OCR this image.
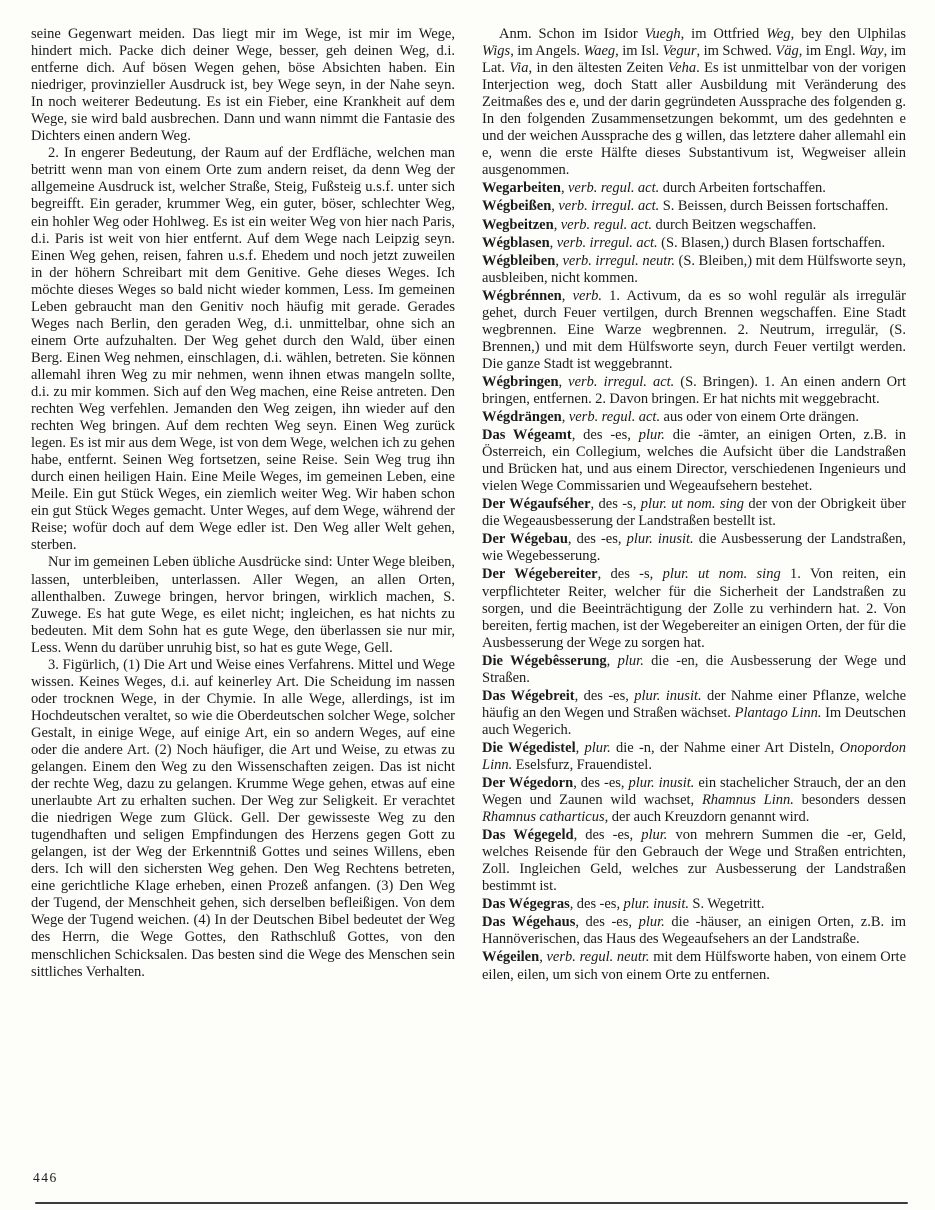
seine Gegenwart meiden. Das liegt mir im Wege, ist mir im Wege, hindert mich. Packe dich deiner Wege, besser, geh deinen Weg, d.i. entferne dich. Auf bösen Wegen gehen, böse Absichten haben. Ein niedriger, provinzieller Ausdruck ist, bey Wege seyn, in der Nahe seyn. In noch weiterer Bedeutung. Es ist ein Fieber, eine Krankheit auf dem Wege, sie wird bald ausbrechen. Dann und wann nimmt die Fantasie des Dichters einen andern Weg.

2. In engerer Bedeutung, der Raum auf der Erdfläche, welchen man betritt wenn man von einem Orte zum andern reiset, da denn Weg der allgemeine Ausdruck ist, welcher Straße, Steig, Fußsteig u.s.f. unter sich begreifft. Ein gerader, krummer Weg, ein guter, böser, schlechter Weg, ein hohler Weg oder Hohlweg. Es ist ein weiter Weg von hier nach Paris, d.i. Paris ist weit von hier entfernt. Auf dem Wege nach Leipzig seyn. Einen Weg gehen, reisen, fahren u.s.f. Ehedem und noch jetzt zuweilen in der höhern Schreibart mit dem Genitive. Gehe dieses Weges. Ich möchte dieses Weges so bald nicht wieder kommen, Less. Im gemeinen Leben gebraucht man den Genitiv noch häufig mit gerade. Gerades Weges nach Berlin, den geraden Weg, d.i. unmittelbar, ohne sich an einem Orte aufzuhalten. Der Weg gehet durch den Wald, über einen Berg. Einen Weg nehmen, einschlagen, d.i. wählen, betreten. Sie können allemahl ihren Weg zu mir nehmen, wenn ihnen etwas mangeln sollte, d.i. zu mir kommen. Sich auf den Weg machen, eine Reise antreten. Den rechten Weg verfehlen. Jemanden den Weg zeigen, ihn wieder auf den rechten Weg bringen. Auf dem rechten Weg seyn. Einen Weg zurück legen. Es ist mir aus dem Wege, ist von dem Wege, welchen ich zu gehen habe, entfernt. Seinen Weg fortsetzen, seine Reise. Sein Weg trug ihn durch einen heiligen Hain. Eine Meile Weges, im gemeinen Leben, eine Meile. Ein gut Stück Weges, ein ziemlich weiter Weg. Wir haben schon ein gut Stück Weges gemacht. Unter Weges, auf dem Wege, während der Reise; wofür doch auf dem Wege edler ist. Den Weg aller Welt gehen, sterben.

Nur im gemeinen Leben übliche Ausdrücke sind: Unter Wege bleiben, lassen, unterbleiben, unterlassen. Aller Wegen, an allen Orten, allenthalben. Zuwege bringen, hervor bringen, wirklich machen, S. Zuwege. Es hat gute Wege, es eilet nicht; ingleichen, es hat nichts zu bedeuten. Mit dem Sohn hat es gute Wege, den überlassen sie nur mir, Less. Wenn du darüber unruhig bist, so hat es gute Wege, Gell.

3. Figürlich, (1) Die Art und Weise eines Verfahrens. Mittel und Wege wissen. Keines Weges, d.i. auf keinerley Art. Die Scheidung im nassen oder trocknen Wege, in der Chymie. In alle Wege, allerdings, ist im Hochdeutschen veraltet, so wie die Oberdeutschen solcher Wege, solcher Gestalt, in einige Wege, auf einige Art, ein so andern Weges, auf eine oder die andere Art. (2) Noch häufiger, die Art und Weise, zu etwas zu gelangen. Einem den Weg zu den Wissenschaften zeigen. Das ist nicht der rechte Weg, dazu zu gelangen. Krumme Wege gehen, etwas auf eine unerlaubte Art zu erhalten suchen. Der Weg zur Seligkeit. Er verachtet die niedrigen Wege zum Glück. Gell. Der gewisseste Weg zu den tugendhaften und seligen Empfindungen des Herzens gegen Gott zu gelangen, ist der Weg der Erkenntniß Gottes und seines Willens, eben ders. Ich will den sichersten Weg gehen. Den Weg Rechtens betreten, eine gerichtliche Klage erheben, einen Prozeß anfangen. (3) Den Weg der Tugend, der Menschheit gehen, sich derselben befleißigen. Von dem Wege der Tugend weichen. (4) In der Deutschen Bibel bedeutet der Weg des Herrn, die Wege Gottes, den Rathschluß Gottes, von den menschlichen Schicksalen. Das besten sind die Wege des Menschen sein sittliches Verhalten.

Anm. Schon im Isidor Vuegh, im Ottfried Weg, bey den Ulphilas Wigs, im Angels. Waeg, im Isl. Vegur, im Schwed. Väg, im Engl. Way, im Lat. Via, in den ältesten Zeiten Veha. Es ist unmittelbar von der vorigen Interjection weg, doch Statt aller Ausbildung mit Veränderung des Zeitmaßes des e, und der darin gegründeten Aussprache des folgenden g. In den folgenden Zusammensetzungen bekommt, um des gedehnten e und der weichen Aussprache des g willen, das letztere daher allemahl ein e, wenn die erste Hälfte dieses Substantivum ist, Wegweiser allein ausgenommen.

Wegarbeiten, verb. regul. act. durch Arbeiten fortschaffen.

Wégbeißen, verb. irregul. act. S. Beissen, durch Beissen fortschaffen.

Wegbeitzen, verb. regul. act. durch Beitzen wegschaffen.

Wégblasen, verb. irregul. act. (S. Blasen,) durch Blasen fortschaffen.

Wégbleiben, verb. irregul. neutr. (S. Bleiben,) mit dem Hülfsworte seyn, ausbleiben, nicht kommen.

Wégbrénnen, verb. 1. Activum, da es so wohl regulär als irregulär gehet, durch Feuer vertilgen, durch Brennen wegschaffen. Eine Stadt wegbrennen. Eine Warze wegbrennen. 2. Neutrum, irregulär, (S. Brennen,) und mit dem Hülfsworte seyn, durch Feuer vertilgt werden. Die ganze Stadt ist weggebrannt.

Wégbringen, verb. irregul. act. (S. Bringen). 1. An einen andern Ort bringen, entfernen. 2. Davon bringen. Er hat nichts mit weggebracht.

Wégdrängen, verb. regul. act. aus oder von einem Orte drängen.

Das Wégeamt, des -es, plur. die -ämter, an einigen Orten, z.B. in Österreich, ein Collegium, welches die Aufsicht über die Landstraßen und Brücken hat, und aus einem Director, verschiedenen Ingenieurs und vielen Wege Commissarien und Wegeaufsehern bestehet.

Der Wégaufséher, des -s, plur. ut nom. sing der von der Obrigkeit über die Wegeausbesserung der Landstraßen bestellt ist.

Der Wégebau, des -es, plur. inusit. die Ausbesserung der Landstraßen, wie Wegebesserung.

Der Wégebereiter, des -s, plur. ut nom. sing 1. Von reiten, ein verpflichteter Reiter, welcher für die Sicherheit der Landstraßen zu sorgen, und die Beeinträchtigung der Zolle zu verhindern hat. 2. Von bereiten, fertig machen, ist der Wegebereiter an einigen Orten, der für die Ausbesserung der Wege zu sorgen hat.

Die Wégebêsserung, plur. die -en, die Ausbesserung der Wege und Straßen.

Das Wégebreit, des -es, plur. inusit. der Nahme einer Pflanze, welche häufig an den Wegen und Straßen wächset. Plantago Linn. Im Deutschen auch Wegerich.

Die Wégedistel, plur. die -n, der Nahme einer Art Disteln, Onopordon Linn. Eselsfurz, Frauendistel.

Der Wégedorn, des -es, plur. inusit. ein stachelicher Strauch, der an den Wegen und Zaunen wild wachset, Rhamnus Linn. besonders dessen Rhamnus catharticus, der auch Kreuzdorn genannt wird.

Das Wégegeld, des -es, plur. von mehrern Summen die -er, Geld, welches Reisende für den Gebrauch der Wege und Straßen entrichten, Zoll. Ingleichen Geld, welches zur Ausbesserung der Landstraßen bestimmt ist.

Das Wégegras, des -es, plur. inusit. S. Wegetritt.

Das Wégehaus, des -es, plur. die -häuser, an einigen Orten, z.B. im Hannöverischen, das Haus des Wegeaufsehers an der Landstraße.

Wégeilen, verb. regul. neutr. mit dem Hülfsworte haben, von einem Orte eilen, eilen, um sich von einem Orte zu entfernen.

446
